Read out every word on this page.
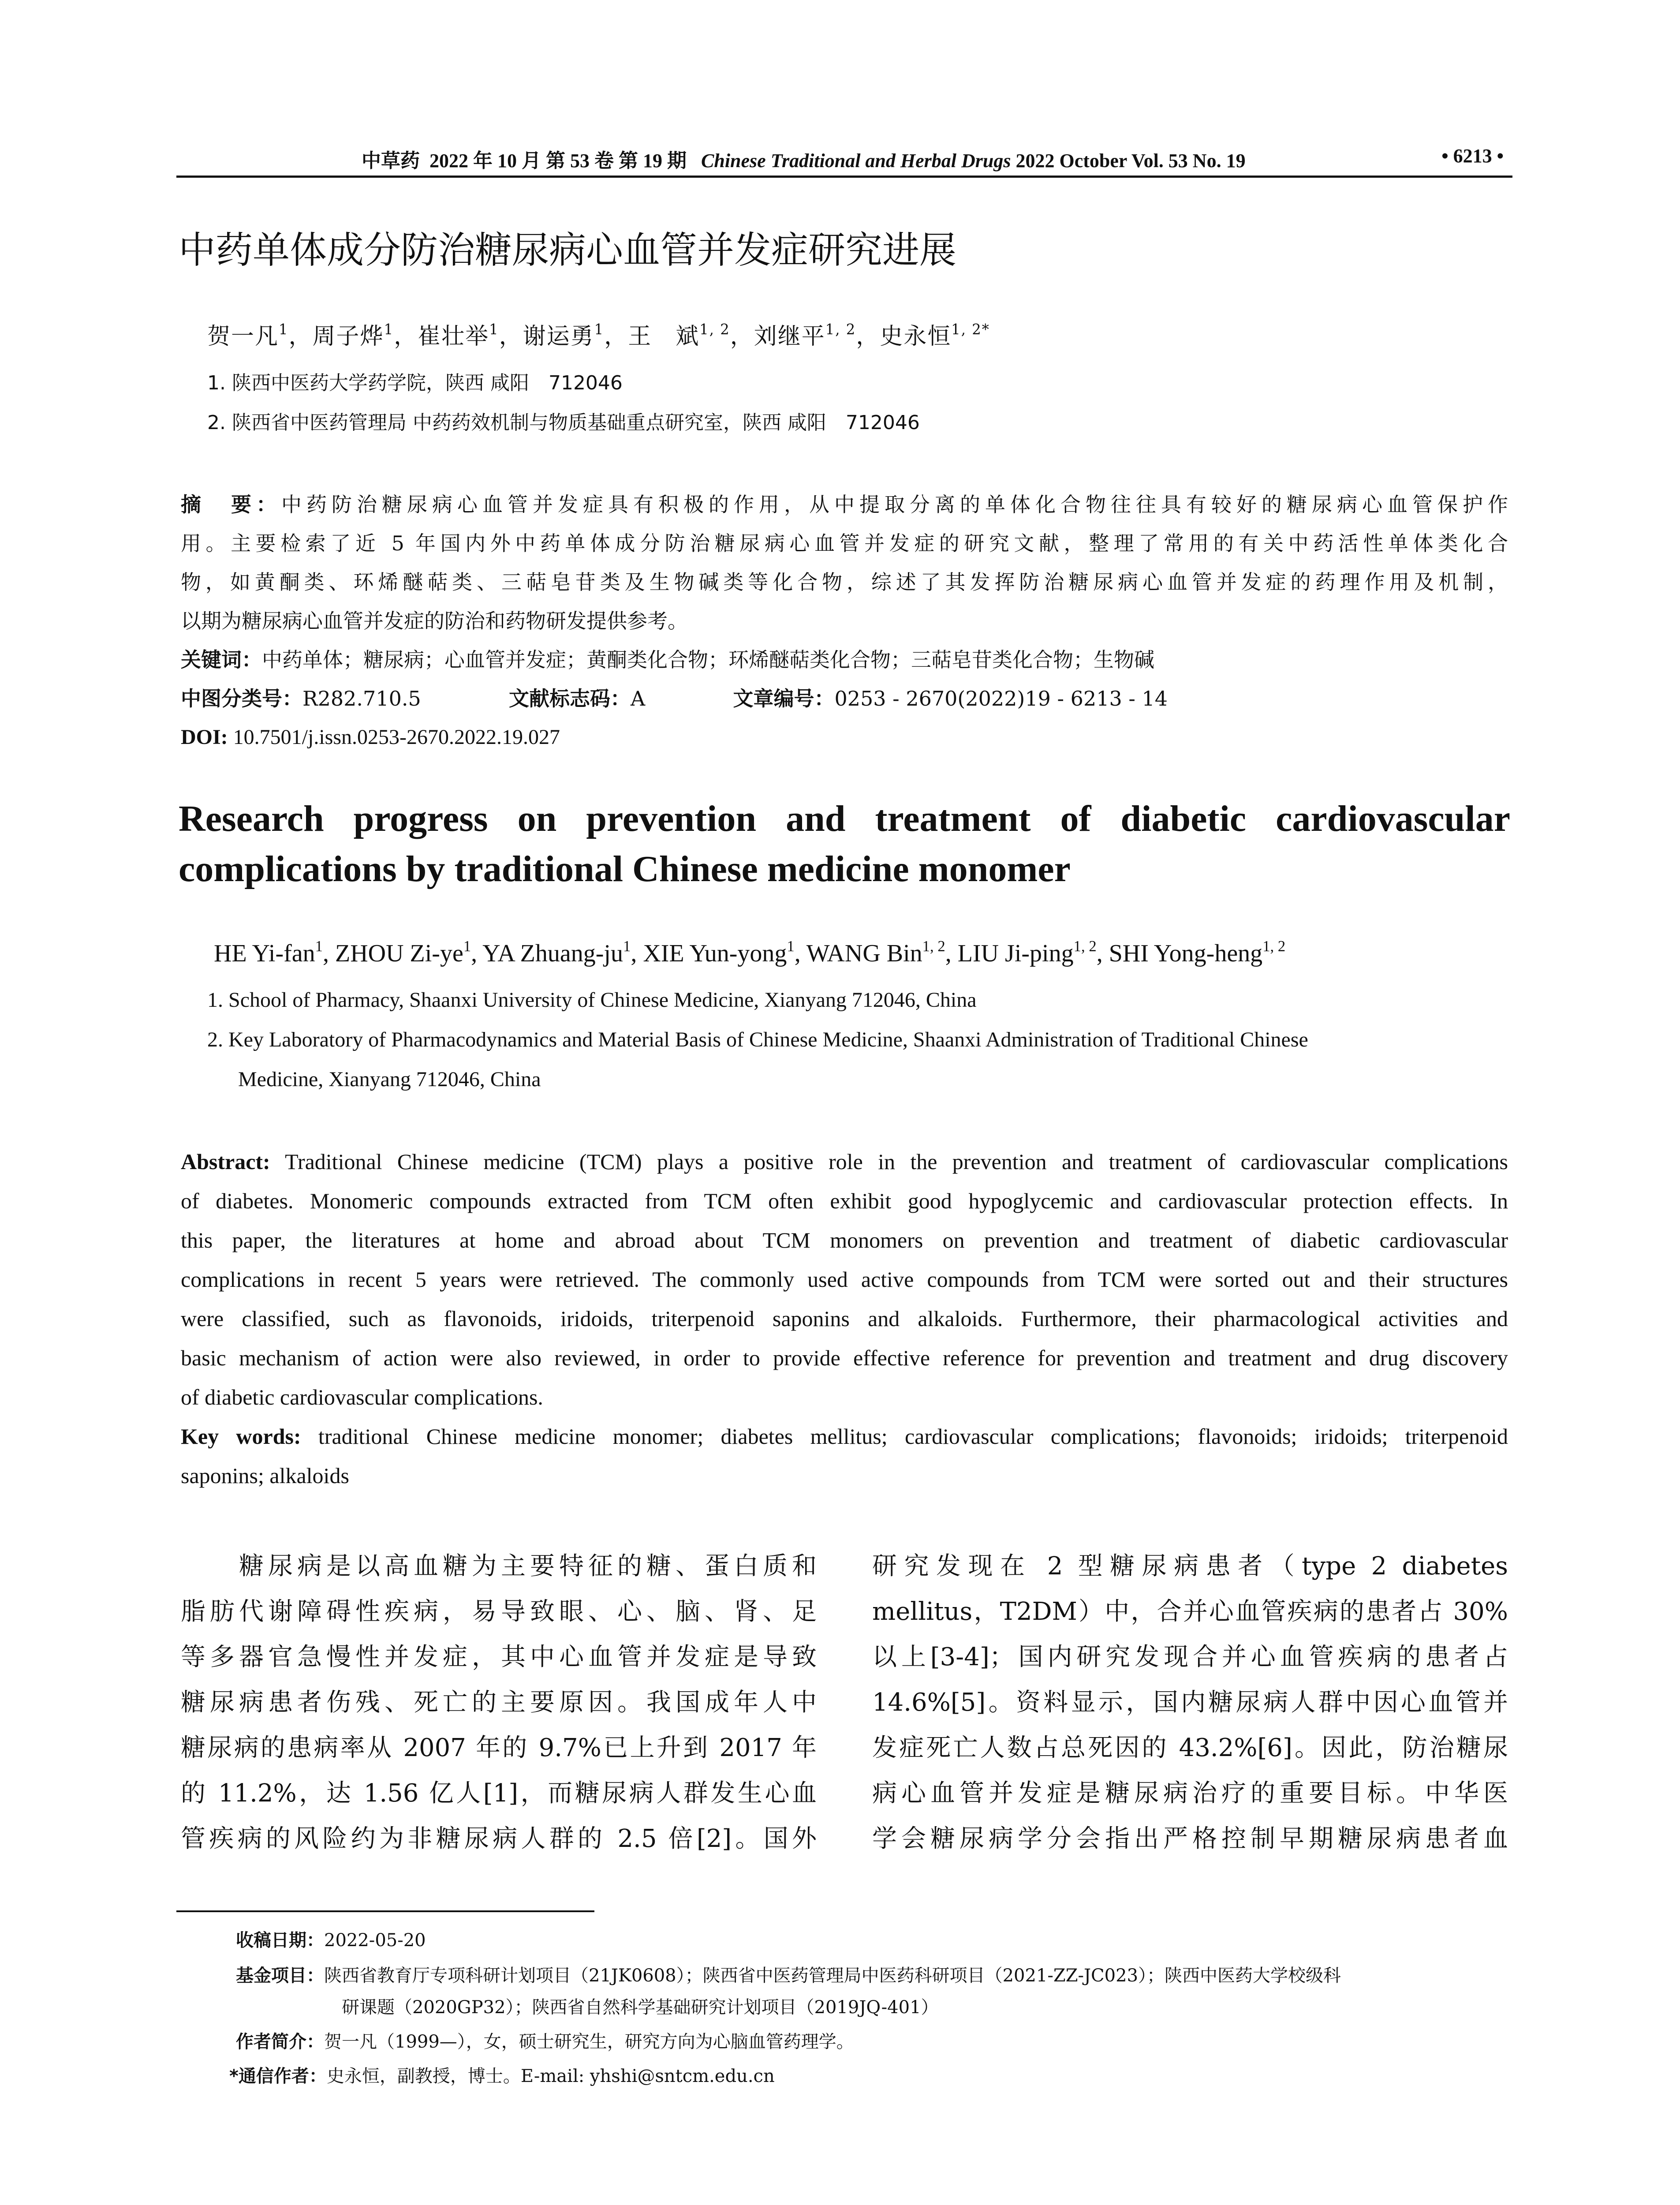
中草药 2022 年 10 月 第 53 卷 第 19 期 Chinese Traditional and Herbal Drugs 2022 October Vol. 53 No. 19	• 6213 •
中药单体成分防治糖尿病心血管并发症研究进展
贺一凡$^1$，周子烨$^1$，崔壮举$^1$，谢运勇$^1$，王　斌$^{1, 2}$，刘继平$^{1, 2}$，史永恒$^{1, 2*}$
1. 陕西中医药大学药学院，陕西 咸阳　712046
2. 陕西省中医药管理局 中药药效机制与物质基础重点研究室，陕西 咸阳　712046
摘　要：中药防治糖尿病心血管并发症具有积极的作用，从中提取分离的单体化合物往往具有较好的糖尿病心血管保护作
用。主要检索了近 5 年国内外中药单体成分防治糖尿病心血管并发症的研究文献，整理了常用的有关中药活性单体类化合
物，如黄酮类、环烯醚萜类、三萜皂苷类及生物碱类等化合物，综述了其发挥防治糖尿病心血管并发症的药理作用及机制，
以期为糖尿病心血管并发症的防治和药物研发提供参考。
关键词：中药单体；糖尿病；心血管并发症；黄酮类化合物；环烯醚萜类化合物；三萜皂苷类化合物；生物碱
中图分类号：R282.710.5	文献标志码：A	文章编号：0253 - 2670(2022)19 - 6213 - 14
DOI: 10.7501/j.issn.0253-2670.2022.19.027
Research progress on prevention and treatment of diabetic cardiovascular
complications by traditional Chinese medicine monomer
HE Yi-fan$^1$, ZHOU $Zi-ye^1$, YA Zhuang-$ju^1$, XIE Yun-yong$^1$, WANG Bin$^{1, 2}$, LIU Ji-ping$^{1, 2}$, SHI Yong-heng$^{1, 2}$
1. School of Pharmacy, Shaanxi University of Chinese Medicine, Xianyang 712046, China
2. Key Laboratory of Pharmacodynamics and Material Basis of Chinese Medicine, Shaanxi Administration of Traditional Chinese
Medicine, Xianyang 712046, China
Abstract: Traditional Chinese medicine (TCM) plays a positive role in the prevention and treatment of cardiovascular complications
of diabetes. Monomeric compounds extracted from TCM often exhibit good hypoglycemic and cardiovascular protection effects. In
this paper, the literatures at home and abroad about TCM monomers on prevention and treatment of diabetic cardiovascular
complications in recent 5 years were retrieved. The commonly used active compounds from TCM were sorted out and their structures
were classified, such as flavonoids, iridoids, triterpenoid saponins and alkaloids. Furthermore, their pharmacological activities and
basic mechanism of action were also reviewed, in order to provide effective reference for prevention and treatment and drug discovery
of diabetic cardiovascular complications.
Key words: traditional Chinese medicine monomer; diabetes mellitus; cardiovascular complications; flavonoids; iridoids; triterpenoid
saponins; alkaloids
　　糖尿病是以高血糖为主要特征的糖、蛋白质和
脂肪代谢障碍性疾病，易导致眼、心、脑、肾、足
等多器官急慢性并发症，其中心血管并发症是导致
糖尿病患者伤残、死亡的主要原因。我国成年人中
糖尿病的患病率从 2007 年的 9.7%已上升到 2017 年
的 11.2%，达 1.56 亿人[1]，而糖尿病人群发生心血
管疾病的风险约为非糖尿病人群的 2.5 倍[2]。国外
研究发现在 2 型糖尿病患者（type 2 diabetes
mellitus，T2DM）中，合并心血管疾病的患者占 30%
以上[3-4]；国内研究发现合并心血管疾病的患者占
14.6%[5]。资料显示，国内糖尿病人群中因心血管并
发症死亡人数占总死因的 43.2%[6]。因此，防治糖尿
病心血管并发症是糖尿病治疗的重要目标。中华医
学会糖尿病学分会指出严格控制早期糖尿病患者血
收稿日期：2022-05-20
基金项目：陕西省教育厅专项科研计划项目（21JK0608）；陕西省中医药管理局中医药科研项目（2021-ZZ-JC023）；陕西中医药大学校级科
研课题（2020GP32）；陕西省自然科学基础研究计划项目（2019JQ-401）
作者简介：贺一凡（1999—），女，硕士研究生，研究方向为心脑血管药理学。
*通信作者：史永恒，副教授，博士。E-mail: yhshi@sntcm.edu.cn
